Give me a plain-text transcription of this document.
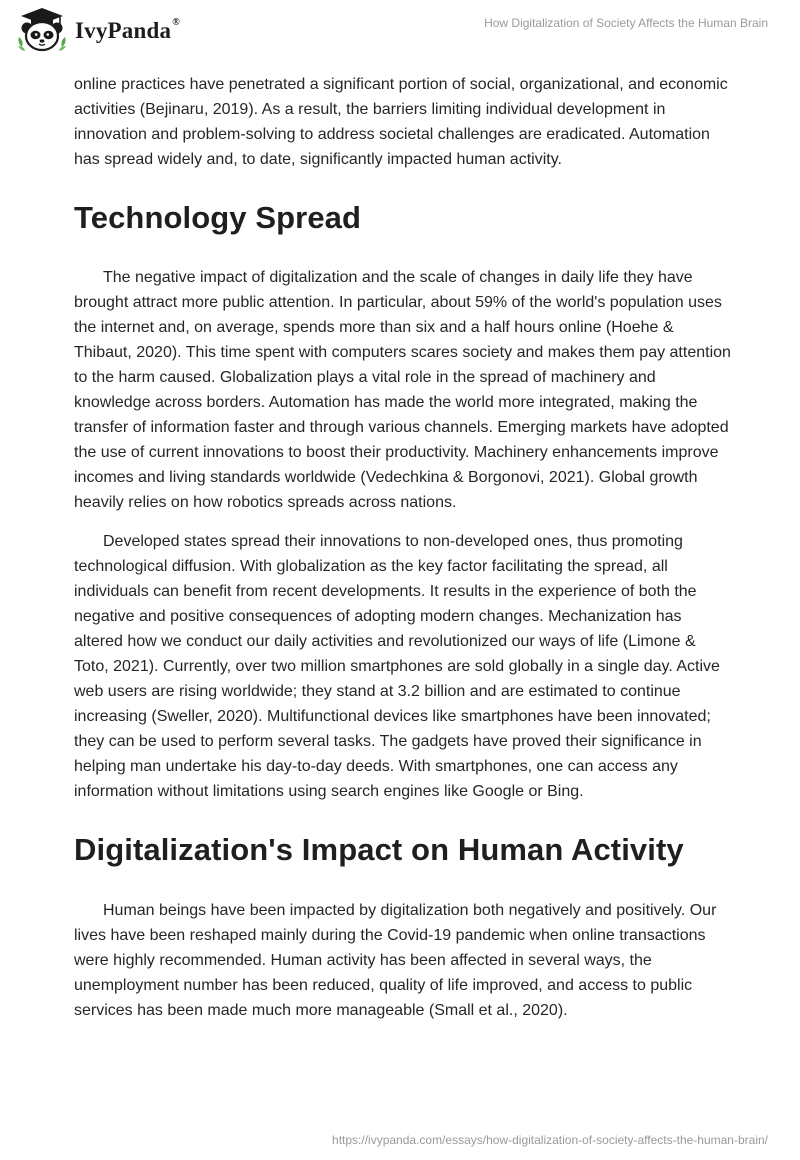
IvyPanda®	How Digitalization of Society Affects the Human Brain

online practices have penetrated a significant portion of social, organizational, and economic activities (Bejinaru, 2019). As a result, the barriers limiting individual development in innovation and problem-solving to address societal challenges are eradicated. Automation has spread widely and, to date, significantly impacted human activity.

Technology Spread

The negative impact of digitalization and the scale of changes in daily life they have brought attract more public attention. In particular, about 59% of the world's population uses the internet and, on average, spends more than six and a half hours online (Hoehe & Thibaut, 2020). This time spent with computers scares society and makes them pay attention to the harm caused. Globalization plays a vital role in the spread of machinery and knowledge across borders. Automation has made the world more integrated, making the transfer of information faster and through various channels. Emerging markets have adopted the use of current innovations to boost their productivity. Machinery enhancements improve incomes and living standards worldwide (Vedechkina & Borgonovi, 2021). Global growth heavily relies on how robotics spreads across nations.

Developed states spread their innovations to non-developed ones, thus promoting technological diffusion. With globalization as the key factor facilitating the spread, all individuals can benefit from recent developments. It results in the experience of both the negative and positive consequences of adopting modern changes. Mechanization has altered how we conduct our daily activities and revolutionized our ways of life (Limone & Toto, 2021). Currently, over two million smartphones are sold globally in a single day. Active web users are rising worldwide; they stand at 3.2 billion and are estimated to continue increasing (Sweller, 2020). Multifunctional devices like smartphones have been innovated; they can be used to perform several tasks. The gadgets have proved their significance in helping man undertake his day-to-day deeds. With smartphones, one can access any information without limitations using search engines like Google or Bing.

Digitalization's Impact on Human Activity

Human beings have been impacted by digitalization both negatively and positively. Our lives have been reshaped mainly during the Covid-19 pandemic when online transactions were highly recommended. Human activity has been affected in several ways, the unemployment number has been reduced, quality of life improved, and access to public services has been made much more manageable (Small et al., 2020).

https://ivypanda.com/essays/how-digitalization-of-society-affects-the-human-brain/
